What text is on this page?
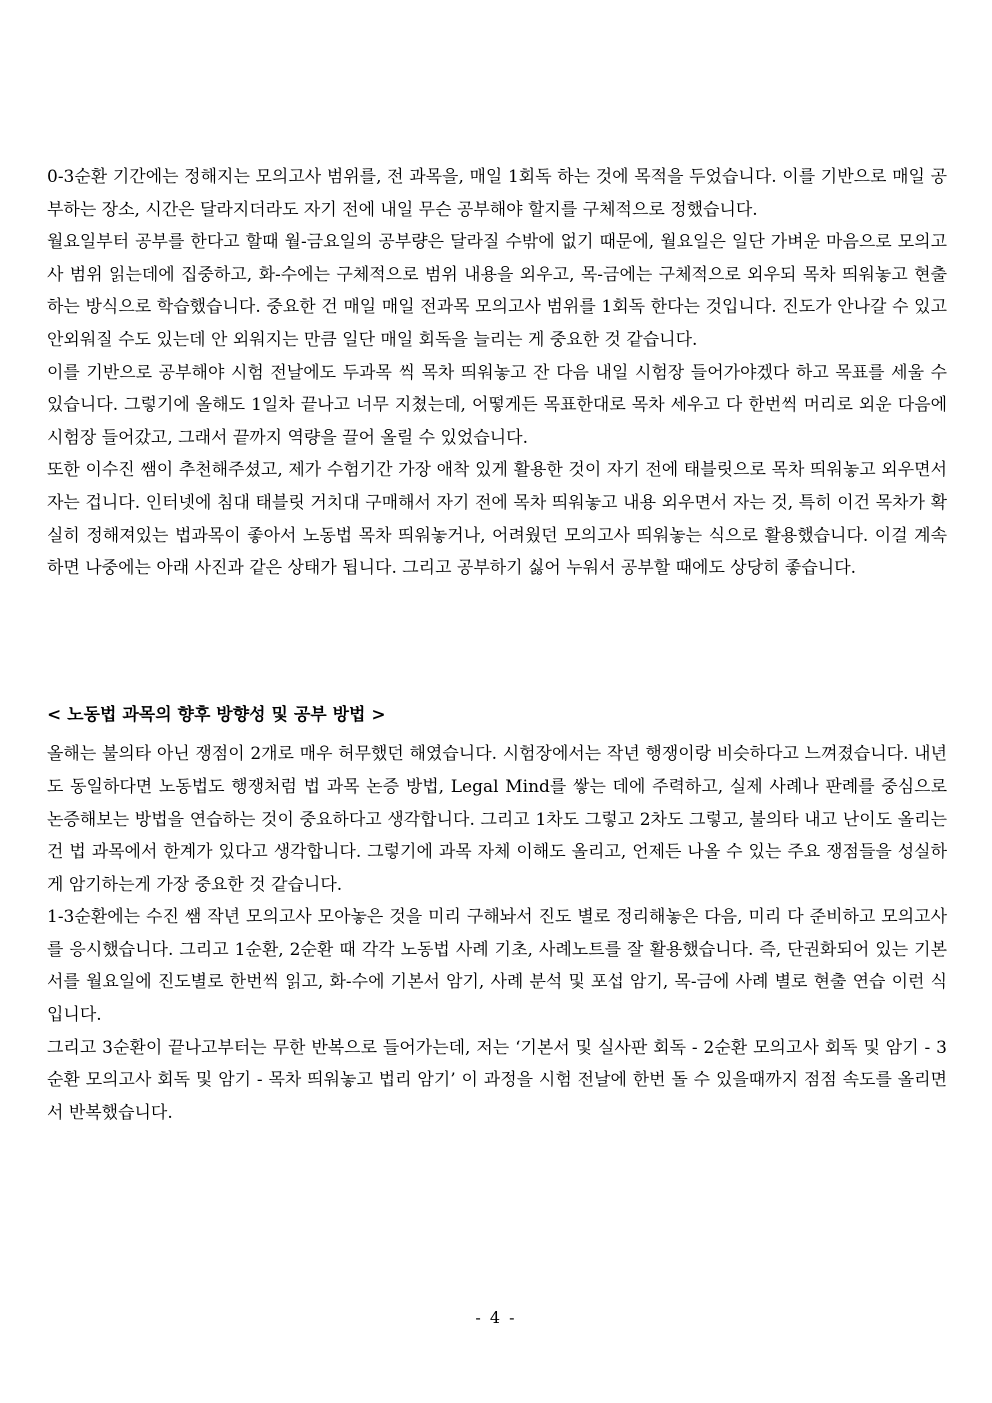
0-3순환 기간에는 정해지는 모의고사 범위를, 전 과목을, 매일 1회독 하는 것에 목적을 두었습니다. 이를 기반으로 매일 공부하는 장소, 시간은 달라지더라도 자기 전에 내일 무슨 공부해야 할지를 구체적으로 정했습니다.

월요일부터 공부를 한다고 할때 월-금요일의 공부량은 달라질 수밖에 없기 때문에, 월요일은 일단 가벼운 마음으로 모의고사 범위 읽는데에 집중하고, 화-수에는 구체적으로 범위 내용을 외우고, 목-금에는 구체적으로 외우되 목차 띄워놓고 현출하는 방식으로 학습했습니다. 중요한 건 매일 매일 전과목 모의고사 범위를 1회독 한다는 것입니다. 진도가 안나갈 수 있고 안외워질 수도 있는데 안 외워지는 만큼 일단 매일 회독을 늘리는 게 중요한 것 같습니다.

이를 기반으로 공부해야 시험 전날에도 두과목 씩 목차 띄워놓고 잔 다음 내일 시험장 들어가야겠다 하고 목표를 세울 수 있습니다. 그렇기에 올해도 1일차 끝나고 너무 지쳤는데, 어떻게든 목표한대로 목차 세우고 다 한번씩 머리로 외운 다음에 시험장 들어갔고, 그래서 끝까지 역량을 끌어 올릴 수 있었습니다.

또한 이수진 쌤이 추천해주셨고, 제가 수험기간 가장 애착 있게 활용한 것이 자기 전에 태블릿으로 목차 띄워놓고 외우면서 자는 겁니다. 인터넷에 침대 태블릿 거치대 구매해서 자기 전에 목차 띄워놓고 내용 외우면서 자는 것, 특히 이건 목차가 확실히 정해져있는 법과목이 좋아서 노동법 목차 띄워놓거나, 어려웠던 모의고사 띄워놓는 식으로 활용했습니다. 이걸 계속하면 나중에는 아래 사진과 같은 상태가 됩니다. 그리고 공부하기 싫어 누워서 공부할 때에도 상당히 좋습니다.

< 노동법 과목의 향후 방향성 및 공부 방법 >

올해는 불의타 아닌 쟁점이 2개로 매우 허무했던 해였습니다. 시험장에서는 작년 행쟁이랑 비슷하다고 느껴졌습니다. 내년도 동일하다면 노동법도 행쟁처럼 법 과목 논증 방법, Legal Mind를 쌓는 데에 주력하고, 실제 사례나 판례를 중심으로 논증해보는 방법을 연습하는 것이 중요하다고 생각합니다. 그리고 1차도 그렇고 2차도 그렇고, 불의타 내고 난이도 올리는 건 법 과목에서 한계가 있다고 생각합니다. 그렇기에 과목 자체 이해도 올리고, 언제든 나올 수 있는 주요 쟁점들을 성실하게 암기하는게 가장 중요한 것 같습니다.

1-3순환에는 수진 쌤 작년 모의고사 모아놓은 것을 미리 구해놔서 진도 별로 정리해놓은 다음, 미리 다 준비하고 모의고사를 응시했습니다. 그리고 1순환, 2순환 때 각각 노동법 사례 기초, 사례노트를 잘 활용했습니다. 즉, 단권화되어 있는 기본서를 월요일에 진도별로 한번씩 읽고, 화-수에 기본서 암기, 사례 분석 및 포섭 암기, 목-금에 사례 별로 현출 연습 이런 식입니다.

그리고 3순환이 끝나고부터는 무한 반복으로 들어가는데, 저는 ‘기본서 및 실사판 회독 - 2순환 모의고사 회독 및 암기 - 3순환 모의고사 회독 및 암기 - 목차 띄워놓고 법리 암기’ 이 과정을 시험 전날에 한번 돌 수 있을때까지 점점 속도를 올리면서 반복했습니다.

- 4 -
